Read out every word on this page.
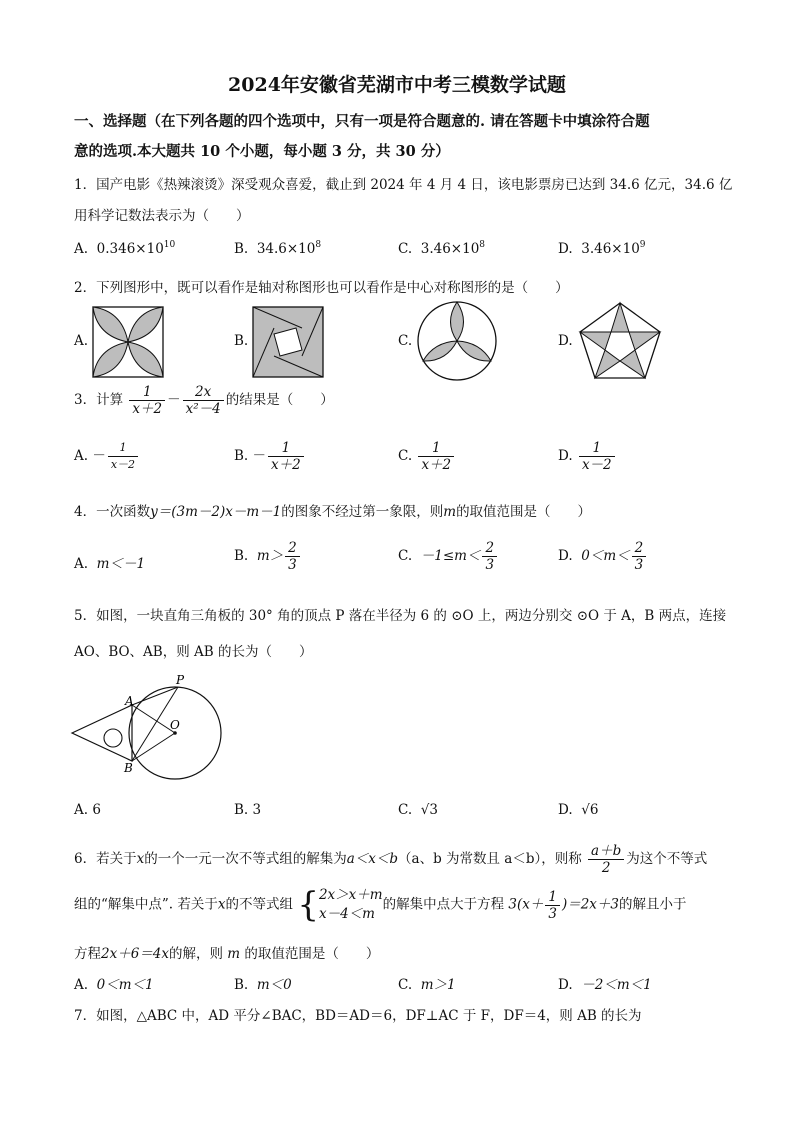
2024年安徽省芜湖市中考三模数学试题
一、选择题（在下列各题的四个选项中，只有一项是符合题意的. 请在答题卡中填涂符合题
意的选项.本大题共 10 个小题，每小题 3 分，共 30 分）
1．国产电影《热辣滚烫》深受观众喜爱，截止到 2024 年 4 月 4 日，该电影票房已达到 34.6 亿元，34.6 亿
用科学记数法表示为（　　）
A. $0.346\times 10^{10}$	B. $34.6\times 10^8$	C. $3.46\times 10^8$	D. $3.46\times 10^9$
2．下列图形中，既可以看作是轴对称图形也可以看作是中心对称图形的是（　　）
A.	B.	C.	D.
3．计算 $\frac{1}{x+2} - \frac{2x}{\text{x²－4}}$ 的结果是（　　）
A. － $\frac{1}{x-2}$	B. － $\frac{1}{x+2}$	C. $\frac{1}{x+2}$	D. $\frac{1}{x-2}$
4．一次函数y＝(3m－2)x－m－1的图象不经过第一象限，则m的取值范围是（　　）
A. m＜－1	B. $m> \frac{2}{3}$	C. $-1\le m< \frac{2}{3}$	D. $0<m< \frac{2}{3}$
5．如图，一块直角三角板的 30° 角的顶点 P 落在半径为 6 的 ⊙O 上，两边分别交 ⊙O 于 A，B 两点，连接
AO、BO、AB，则 AB 的长为（　　）
P
A
O
B
A. 6	B. 3	C. √3	D. √6
6．若关于x的一个一元一次不等式组的解集为a＜x＜b（a、b 为常数且 a＜b），则称 $\frac{a+b}{2}$ 为这个不等式
组的“解集中点”. 若关于x的不等式组 { 2x＞x＋m
x－4＜m
的解集中点大于方程 $3(x+ \frac{1}{3} )=2x+3$的解且小于
方程2x＋6＝4x的解，则 m 的取值范围是（　　）
A. 0＜m＜1	B. m＜0	C. m＞1	D. －2＜m＜1
7．如图，△ABC 中，AD 平分∠BAC，BD＝AD＝6，DF⊥AC 于 F，DF＝4，则 AB 的长为
